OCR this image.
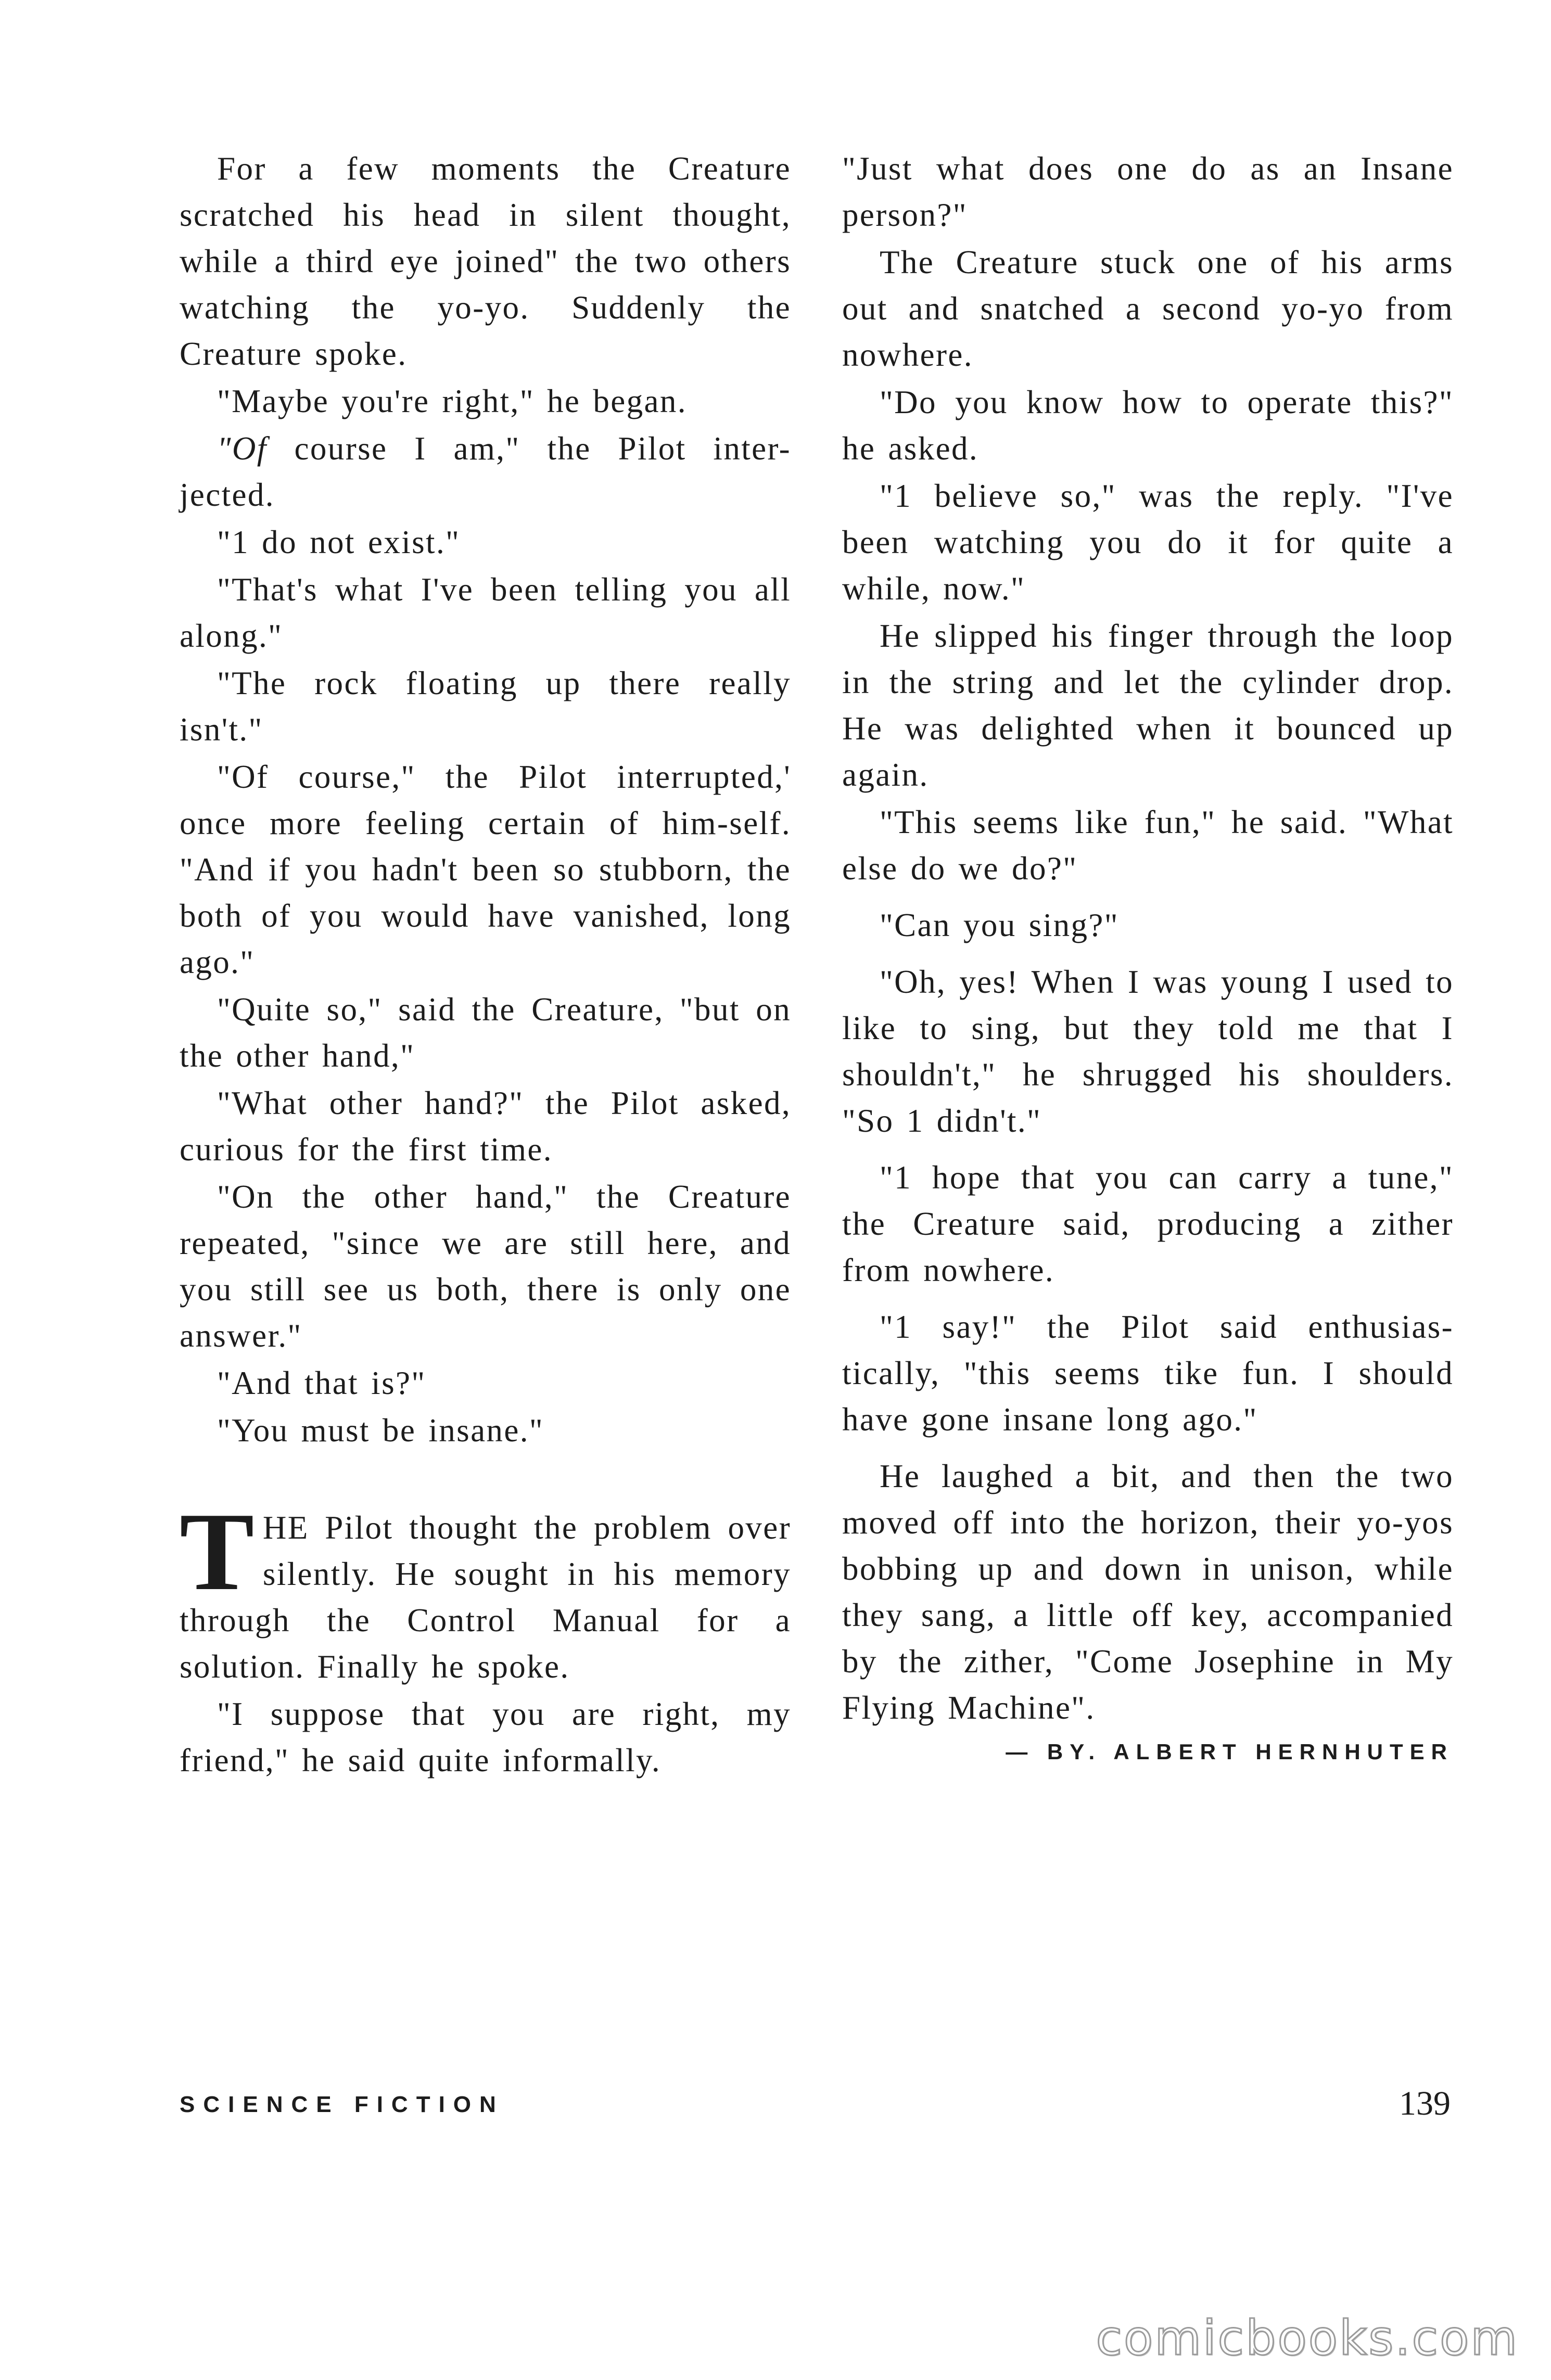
For a few moments the Creature scratched his head in silent thought, while a third eye joined" the two others watching the yo-yo. Suddenly the Creature spoke.

"Maybe you're right," he began.

"Of course I am," the Pilot inter-jected.

"1 do not exist."

"That's what I've been telling you all along."

"The rock floating up there really isn't."

"Of course," the Pilot interrupted,' once more feeling certain of him-self. "And if you hadn't been so stubborn, the both of you would have vanished, long ago."

"Quite so," said the Creature, "but on the other hand,"

"What other hand?" the Pilot asked, curious for the first time.

"On the other hand," the Creature repeated, "since we are still here, and you still see us both, there is only one answer."

"And that is?"

"You must be insane."

THE Pilot thought the problem over silently. He sought in his memory through the Control Manual for a solution. Finally he spoke.

"I suppose that you are right, my friend," he said quite informally.

"Just what does one do as an Insane person?"

The Creature stuck one of his arms out and snatched a second yo-yo from nowhere.

"Do you know how to operate this?" he asked.

"1 believe so," was the reply. "I've been watching you do it for quite a while, now."

He slipped his finger through the loop in the string and let the cylinder drop. He was delighted when it bounced up again.

"This seems like fun," he said. "What else do we do?"

"Can you sing?"

"Oh, yes! When I was young I used to like to sing, but they told me that I shouldn't," he shrugged his shoulders. "So 1 didn't."

"1 hope that you can carry a tune," the Creature said, producing a zither from nowhere.

"1 say!" the Pilot said enthusias-tically, "this seems tike fun. I should have gone insane long ago."

He laughed a bit, and then the two moved off into the horizon, their yo-yos bobbing up and down in unison, while they sang, a little off key, accompanied by the zither, "Come Josephine in My Flying Machine".

— BY. ALBERT HERNHUTER
SCIENCE FICTION	139
comicbooks.com
